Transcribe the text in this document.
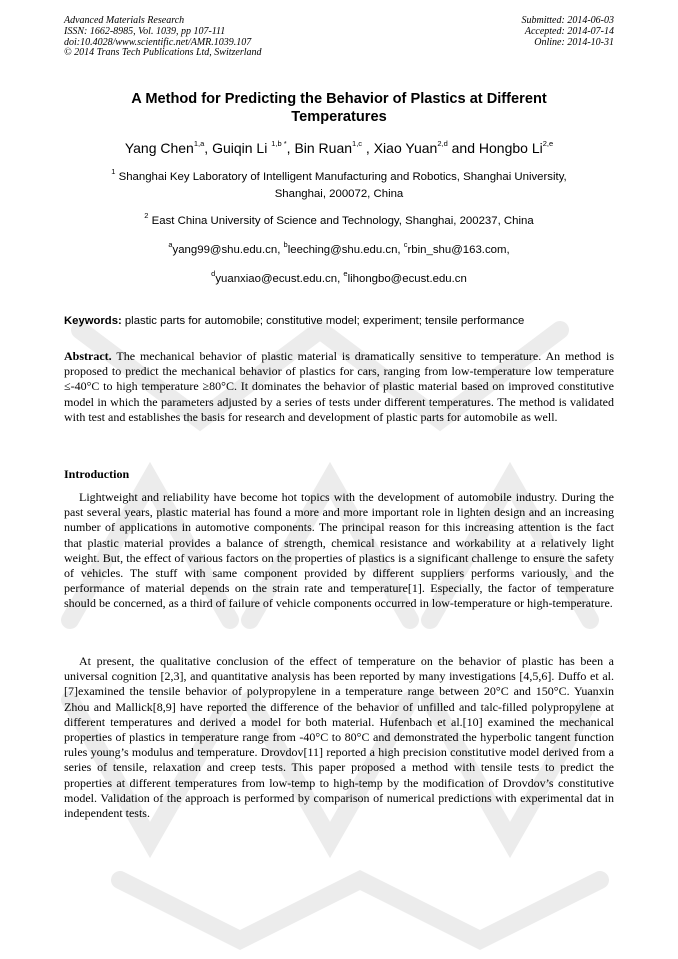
Advanced Materials Research
ISSN: 1662-8985, Vol. 1039, pp 107-111
doi:10.4028/www.scientific.net/AMR.1039.107
© 2014 Trans Tech Publications Ltd, Switzerland
Submitted: 2014-06-03
Accepted: 2014-07-14
Online: 2014-10-31
A Method for Predicting the Behavior of Plastics at Different
Temperatures
Yang Chen$^{1,a}$, Guiqin Li $^{1,b *}$, Bin Ruan$^{1,c}$ , Xiao Yuan$^{2,d}$ and Hongbo Li$^{2,e}$
$^1$ Shanghai Key Laboratory of Intelligent Manufacturing and Robotics, Shanghai University,
Shanghai, 200072, China
$^2$ East China University of Science and Technology, Shanghai, 200237, China
$^a$yang99@shu.edu.cn, $^b$leeching@shu.edu.cn, $^c$rbin_shu@163.com,
$^d$yuanxiao@ecust.edu.cn, $^e$lihongbo@ecust.edu.cn
Keywords: plastic parts for automobile; constitutive model; experiment; tensile performance
Abstract. The mechanical behavior of plastic material is dramatically sensitive to temperature. An method is proposed to predict the mechanical behavior of plastics for cars, ranging from low-temperature low temperature ≤-40°C to high temperature ≥80°C. It dominates the behavior of plastic material based on improved constitutive model in which the parameters adjusted by a series of tests under different temperatures. The method is validated with test and establishes the basis for research and development of plastic parts for automobile as well.
Introduction
Lightweight and reliability have become hot topics with the development of automobile industry. During the past several years, plastic material has found a more and more important role in lighten design and an increasing number of applications in automotive components. The principal reason for this increasing attention is the fact that plastic material provides a balance of strength, chemical resistance and workability at a relatively light weight. But, the effect of various factors on the properties of plastics is a significant challenge to ensure the safety of vehicles. The stuff with same component provided by different suppliers performs variously, and the performance of material depends on the strain rate and temperature[1]. Especially, the factor of temperature should be concerned, as a third of failure of vehicle components occurred in low-temperature or high-temperature.
At present, the qualitative conclusion of the effect of temperature on the behavior of plastic has been a universal cognition [2,3], and quantitative analysis has been reported by many investigations [4,5,6]. Duffo et al.[7]examined the tensile behavior of polypropylene in a temperature range between 20°C and 150°C. Yuanxin Zhou and Mallick[8,9] have reported the difference of the behavior of unfilled and talc-filled polypropylene at different temperatures and derived a model for both material. Hufenbach et al.[10] examined the mechanical properties of plastics in temperature range from -40°C to 80°C and demonstrated the hyperbolic tangent function rules young’s modulus and temperature. Drovdov[11] reported a high precision constitutive model derived from a series of tensile, relaxation and creep tests. This paper proposed a method with tensile tests to predict the properties at different temperatures from low-temp to high-temp by the modification of Drovdov’s constitutive model. Validation of the approach is performed by comparison of numerical predictions with experimental dat in independent tests.
